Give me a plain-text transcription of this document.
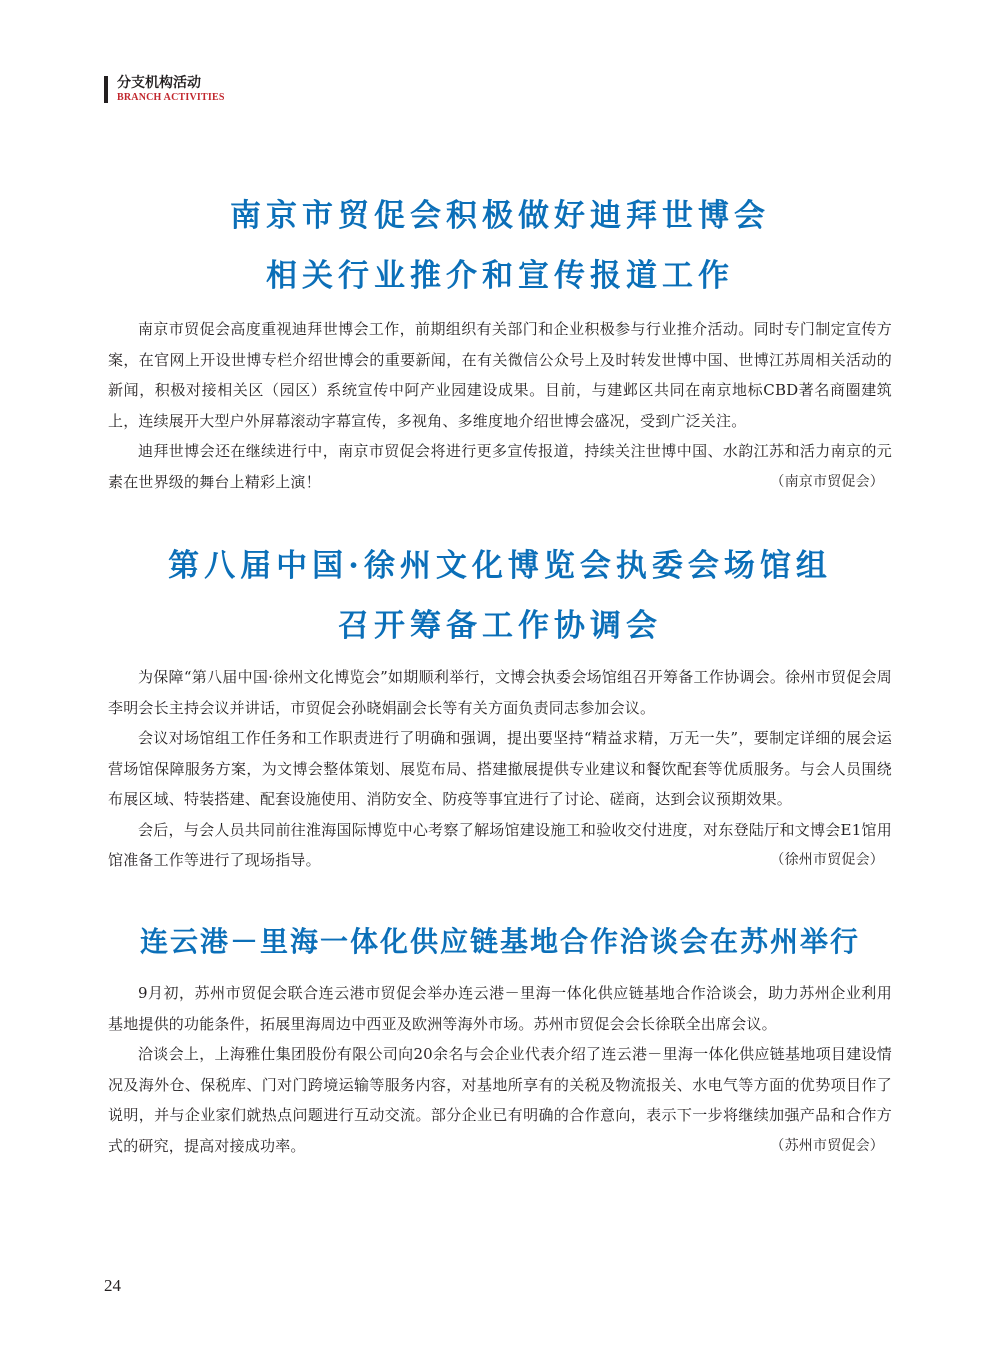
分支机构活动
BRANCH ACTIVITIES
南京市贸促会积极做好迪拜世博会
相关行业推介和宣传报道工作

南京市贸促会高度重视迪拜世博会工作，前期组织有关部门和企业积极参与行业推介活动。同时专门制定宣传方案，在官网上开设世博专栏介绍世博会的重要新闻，在有关微信公众号上及时转发世博中国、世博江苏周相关活动的新闻，积极对接相关区（园区）系统宣传中阿产业园建设成果。目前，与建邺区共同在南京地标CBD著名商圈建筑上，连续展开大型户外屏幕滚动字幕宣传，多视角、多维度地介绍世博会盛况，受到广泛关注。

迪拜世博会还在继续进行中，南京市贸促会将进行更多宣传报道，持续关注世博中国、水韵江苏和活力南京的元素在世界级的舞台上精彩上演！	（南京市贸促会）

第八届中国·徐州文化博览会执委会场馆组
召开筹备工作协调会

为保障“第八届中国·徐州文化博览会”如期顺利举行，文博会执委会场馆组召开筹备工作协调会。徐州市贸促会周李明会长主持会议并讲话，市贸促会孙晓娟副会长等有关方面负责同志参加会议。

会议对场馆组工作任务和工作职责进行了明确和强调，提出要坚持“精益求精，万无一失”，要制定详细的展会运营场馆保障服务方案，为文博会整体策划、展览布局、搭建撤展提供专业建议和餐饮配套等优质服务。与会人员围绕布展区域、特装搭建、配套设施使用、消防安全、防疫等事宜进行了讨论、磋商，达到会议预期效果。

会后，与会人员共同前往淮海国际博览中心考察了解场馆建设施工和验收交付进度，对东登陆厅和文博会E1馆用馆准备工作等进行了现场指导。	（徐州市贸促会）

连云港－里海一体化供应链基地合作洽谈会在苏州举行

9月初，苏州市贸促会联合连云港市贸促会举办连云港－里海一体化供应链基地合作洽谈会，助力苏州企业利用基地提供的功能条件，拓展里海周边中西亚及欧洲等海外市场。苏州市贸促会会长徐联全出席会议。

洽谈会上，上海雅仕集团股份有限公司向20余名与会企业代表介绍了连云港－里海一体化供应链基地项目建设情况及海外仓、保税库、门对门跨境运输等服务内容，对基地所享有的关税及物流报关、水电气等方面的优势项目作了说明，并与企业家们就热点问题进行互动交流。部分企业已有明确的合作意向，表示下一步将继续加强产品和合作方式的研究，提高对接成功率。	（苏州市贸促会）

24
